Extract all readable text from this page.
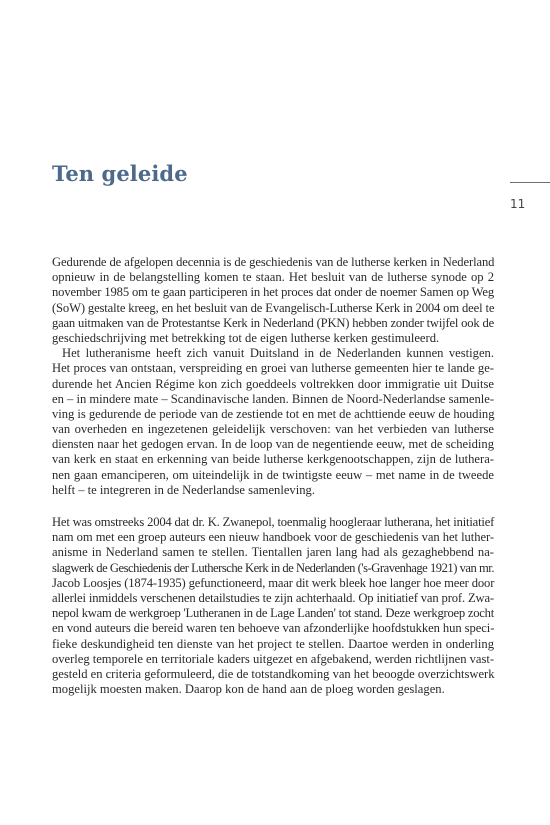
Ten geleide
11

Gedurende de afgelopen decennia is de geschiedenis van de lutherse kerken in Nederland
opnieuw in de belangstelling komen te staan. Het besluit van de lutherse synode op 2
november 1985 om te gaan participeren in het proces dat onder de noemer Samen op Weg
(SoW) gestalte kreeg, en het besluit van de Evangelisch-Lutherse Kerk in 2004 om deel te
gaan uitmaken van de Protestantse Kerk in Nederland (PKN) hebben zonder twijfel ook de
geschiedschrijving met betrekking tot de eigen lutherse kerken gestimuleerd.

Het lutheranisme heeft zich vanuit Duitsland in de Nederlanden kunnen vestigen.
Het proces van ontstaan, verspreiding en groei van lutherse gemeenten hier te lande ge-
durende het Ancien Régime kon zich goeddeels voltrekken door immigratie uit Duitse
en – in mindere mate – Scandinavische landen. Binnen de Noord-Nederlandse samenle-
ving is gedurende de periode van de zestiende tot en met de achttiende eeuw de houding
van overheden en ingezetenen geleidelijk verschoven: van het verbieden van lutherse
diensten naar het gedogen ervan. In de loop van de negentiende eeuw, met de scheiding
van kerk en staat en erkenning van beide lutherse kerkgenootschappen, zijn de luthera-
nen gaan emanciperen, om uiteindelijk in de twintigste eeuw – met name in de tweede
helft – te integreren in de Nederlandse samenleving.

Het was omstreeks 2004 dat dr. K. Zwanepol, toenmalig hoogleraar lutherana, het initiatief
nam om met een groep auteurs een nieuw handboek voor de geschiedenis van het luther-
anisme in Nederland samen te stellen. Tientallen jaren lang had als gezaghebbend na-
slagwerk de Geschiedenis der Luthersche Kerk in de Nederlanden ('s-Gravenhage 1921) van mr.
Jacob Loosjes (1874-1935) gefunctioneerd, maar dit werk bleek hoe langer hoe meer door
allerlei inmiddels verschenen detailstudies te zijn achterhaald. Op initiatief van prof. Zwa-
nepol kwam de werkgroep 'Lutheranen in de Lage Landen' tot stand. Deze werkgroep zocht
en vond auteurs die bereid waren ten behoeve van afzonderlijke hoofdstukken hun speci-
fieke deskundigheid ten dienste van het project te stellen. Daartoe werden in onderling
overleg temporele en territoriale kaders uitgezet en afgebakend, werden richtlijnen vast-
gesteld en criteria geformuleerd, die de totstandkoming van het beoogde overzichtswerk
mogelijk moesten maken. Daarop kon de hand aan de ploeg worden geslagen.
